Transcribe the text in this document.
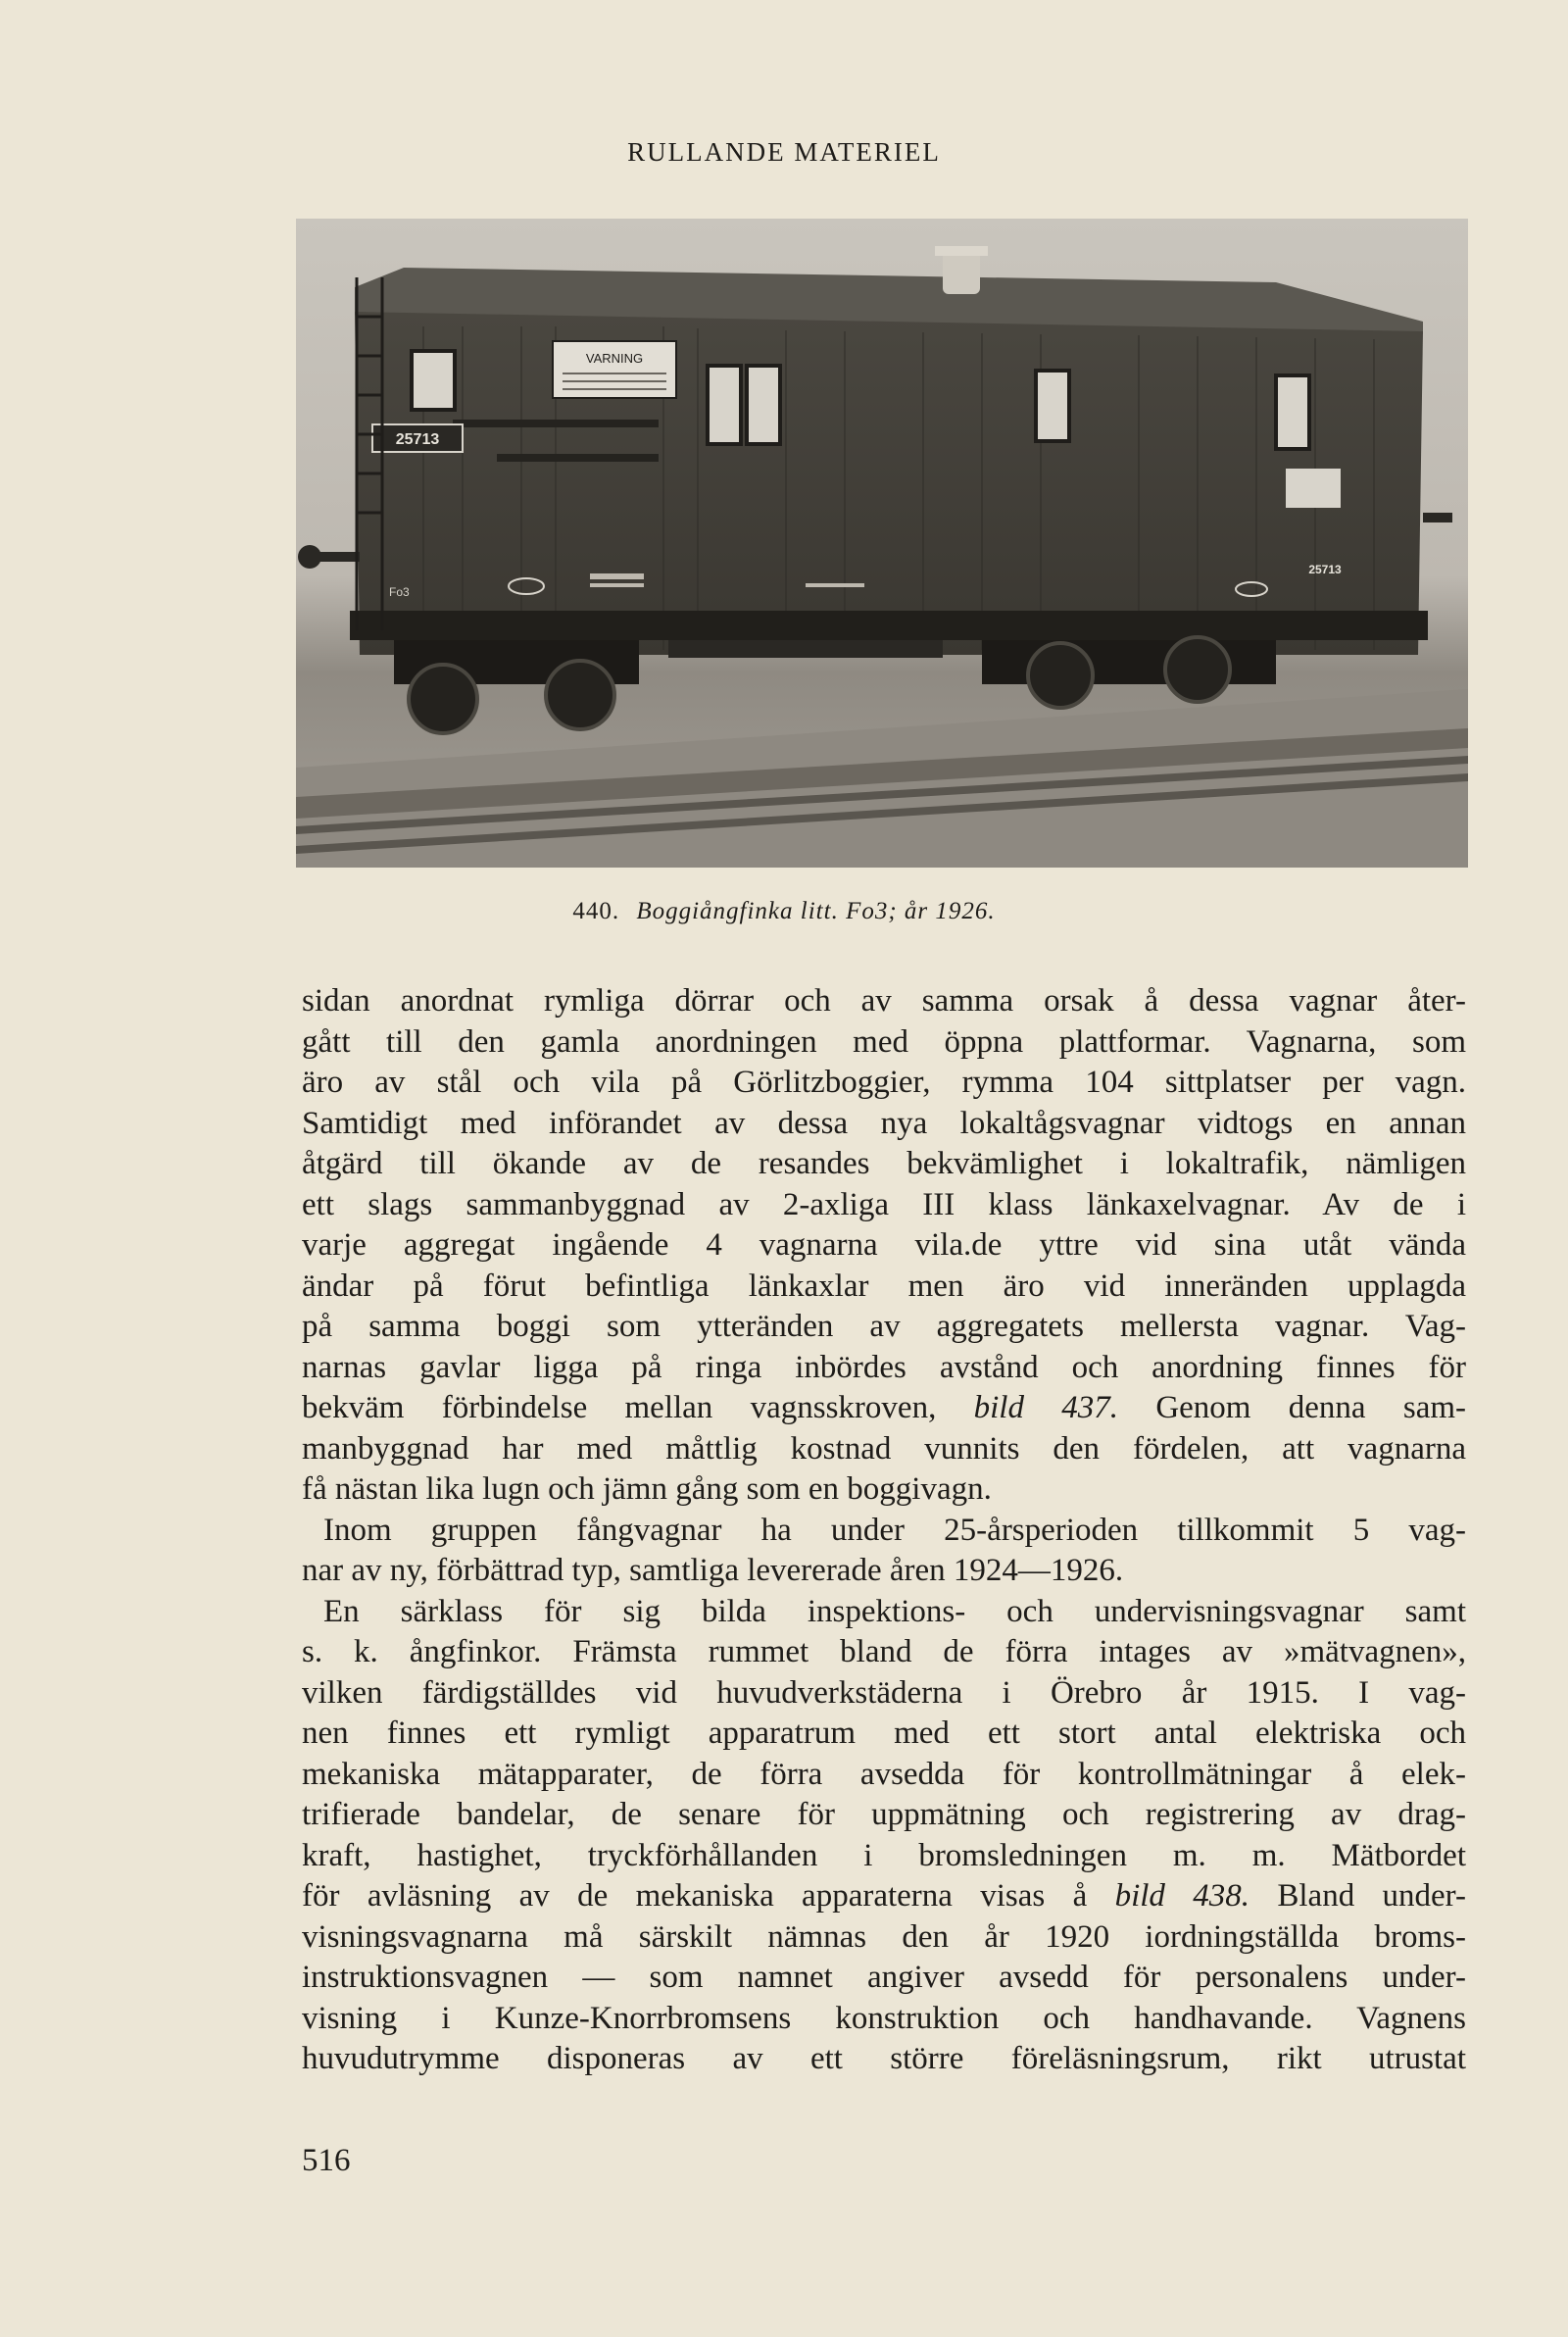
RULLANDE MATERIEL
VARNING
25713
25713
Fo3
440. Boggiångfinka litt. Fo3; år 1926.
sidan anordnat rymliga dörrar och av samma orsak å dessa vagnar åter-
gått till den gamla anordningen med öppna plattformar. Vagnarna, som
äro av stål och vila på Görlitzboggier, rymma 104 sittplatser per vagn.
Samtidigt med införandet av dessa nya lokaltågsvagnar vidtogs en annan
åtgärd till ökande av de resandes bekvämlighet i lokaltrafik, nämligen
ett slags sammanbyggnad av 2-axliga III klass länkaxelvagnar. Av de i
varje aggregat ingående 4 vagnarna vila.de yttre vid sina utåt vända
ändar på förut befintliga länkaxlar men äro vid inneränden upplagda
på samma boggi som ytteränden av aggregatets mellersta vagnar. Vag-
narnas gavlar ligga på ringa inbördes avstånd och anordning finnes för
bekväm förbindelse mellan vagnsskroven, bild 437. Genom denna sam-
manbyggnad har med måttlig kostnad vunnits den fördelen, att vagnarna
få nästan lika lugn och jämn gång som en boggivagn.
Inom gruppen fångvagnar ha under 25-årsperioden tillkommit 5 vag-
nar av ny, förbättrad typ, samtliga levererade åren 1924—1926.
En särklass för sig bilda inspektions- och undervisningsvagnar samt
s. k. ångfinkor. Främsta rummet bland de förra intages av »mätvagnen»,
vilken färdigställdes vid huvudverkstäderna i Örebro år 1915. I vag-
nen finnes ett rymligt apparatrum med ett stort antal elektriska och
mekaniska mätapparater, de förra avsedda för kontrollmätningar å elek-
trifierade bandelar, de senare för uppmätning och registrering av drag-
kraft, hastighet, tryckförhållanden i bromsledningen m. m. Mätbordet
för avläsning av de mekaniska apparaterna visas å bild 438. Bland under-
visningsvagnarna må särskilt nämnas den år 1920 iordningställda broms-
instruktionsvagnen — som namnet angiver avsedd för personalens under-
visning i Kunze-Knorrbromsens konstruktion och handhavande. Vagnens
huvudutrymme disponeras av ett större föreläsningsrum, rikt utrustat
516
